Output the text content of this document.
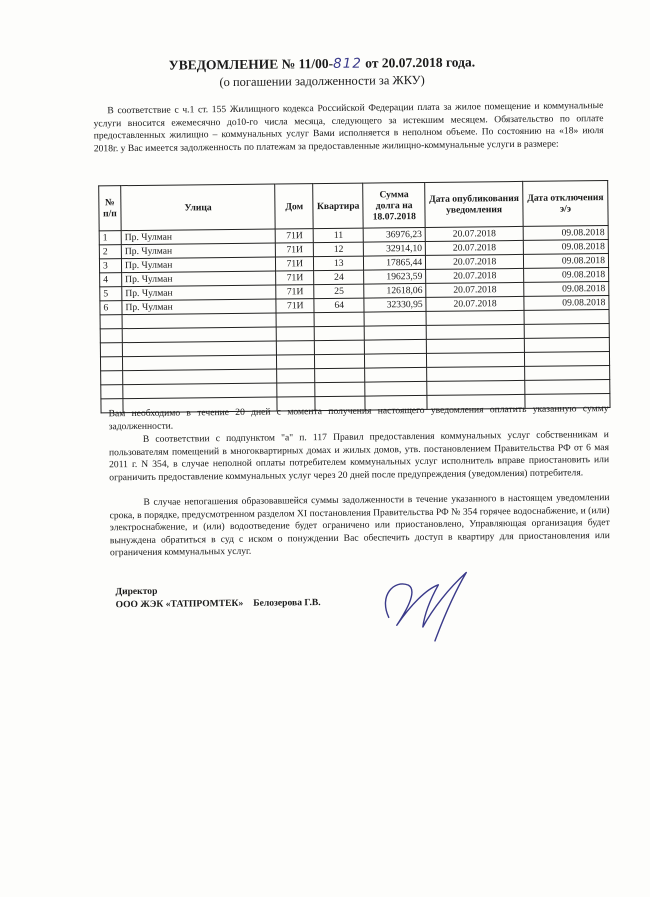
УВЕДОМЛЕНИЕ № 11/00-812 от 20.07.2018 года.
(о погашении задолженности за ЖКУ)
В соответствие с ч.1 ст. 155 Жилищного кодекса Российской Федерации плата за жилое помещение и коммунальные услуги вносится ежемесячно до10-го числа месяца, следующего за истекшим месяцем. Обязательство по оплате предоставленных жилищно – коммунальных услуг Вами исполняется в неполном объеме. По состоянию на «18» июля 2018г. у Вас имеется задолженность по платежам за предоставленные жилищно-коммунальные услуги в размере:
№ п/п	Улица	Дом	Квартира	Сумма долга на 18.07.2018	Дата опубликования уведомления	Дата отключения э/э
1	Пр. Чулман	71И	11	36976,23	20.07.2018	09.08.2018
2	Пр. Чулман	71И	12	32914,10	20.07.2018	09.08.2018
3	Пр. Чулман	71И	13	17865,44	20.07.2018	09.08.2018
4	Пр. Чулман	71И	24	19623,59	20.07.2018	09.08.2018
5	Пр. Чулман	71И	25	12618,06	20.07.2018	09.08.2018
6	Пр. Чулман	71И	64	32330,95	20.07.2018	09.08.2018

Вам необходимо в течение 20 дней с момента получения настоящего уведомления оплатить указанную сумму задолженности.
В соответствии с подпунктом "а" п. 117 Правил предоставления коммунальных услуг собственникам и пользователям помещений в многоквартирных домах и жилых домов, утв. постановлением Правительства РФ от 6 мая 2011 г. N 354, в случае неполной оплаты потребителем коммунальных услуг исполнитель вправе приостановить или ограничить предоставление коммунальных услуг через 20 дней после предупреждения (уведомления) потребителя.
В случае непогашения образовавшейся суммы задолженности в течение указанного в настоящем уведомлении срока, в порядке, предусмотренном разделом XI постановления Правительства РФ № 354 горячее водоснабжение, и (или) электроснабжение, и (или) водоотведение будет ограничено или приостановлено, Управляющая организация будет вынуждена обратиться в суд с иском о понуждении Вас обеспечить доступ в квартиру для приостановления или ограничения коммунальных услуг.
Директор
ООО ЖЭК «ТАТПРОМТЕК» Белозерова Г.В.
